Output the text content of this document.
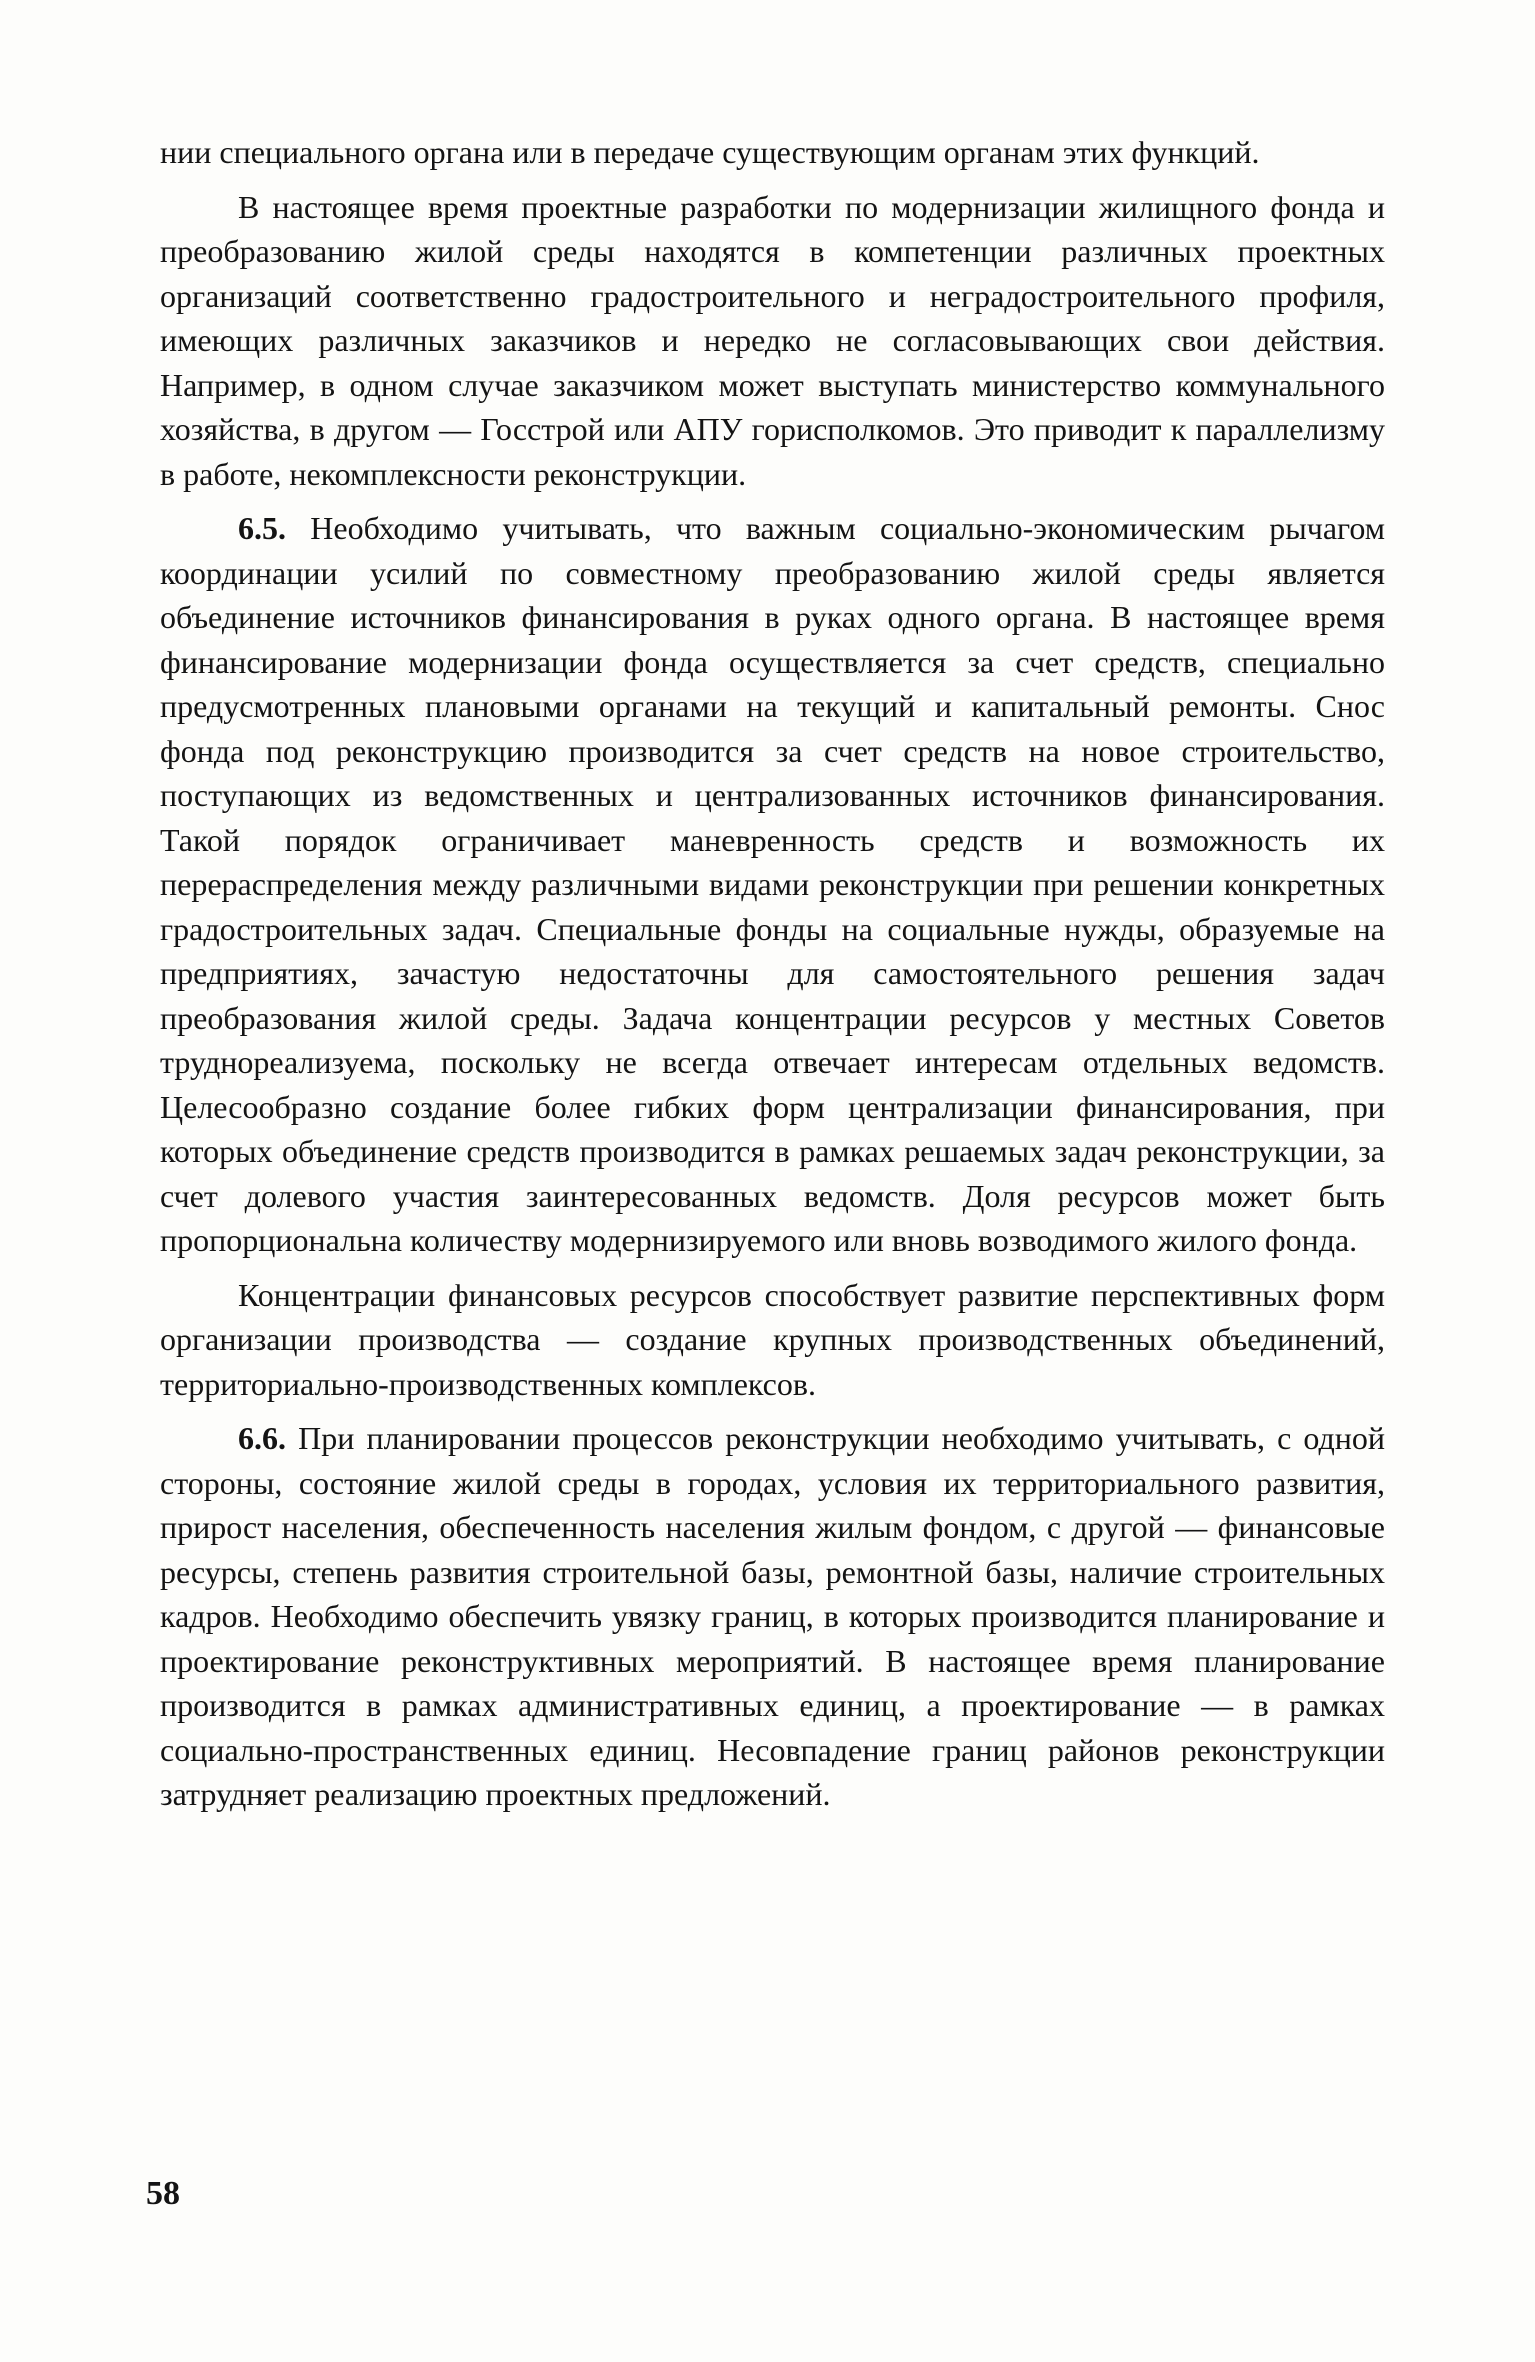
нии специального органа или в передаче существующим органам этих функций.

В настоящее время проектные разработки по модернизации жилищного фонда и преобразованию жилой среды находятся в компетенции различных проектных организаций соответственно градостроительного и неградостроительного профиля, имеющих различных заказчиков и нередко не согласовывающих свои действия. Например, в одном случае заказчиком может выступать министерство коммунального хозяйства, в другом — Госстрой или АПУ горисполкомов. Это приводит к параллелизму в работе, некомплексности реконструкции.

6.5. Необходимо учитывать, что важным социально-экономическим рычагом координации усилий по совместному преобразованию жилой среды является объединение источников финансирования в руках одного органа. В настоящее время финансирование модернизации фонда осуществляется за счет средств, специально предусмотренных плановыми органами на текущий и капитальный ремонты. Снос фонда под реконструкцию производится за счет средств на новое строительство, поступающих из ведомственных и централизованных источников финансирования. Такой порядок ограничивает маневренность средств и возможность их перераспределения между различными видами реконструкции при решении конкретных градостроительных задач. Специальные фонды на социальные нужды, образуемые на предприятиях, зачастую недостаточны для самостоятельного решения задач преобразования жилой среды. Задача концентрации ресурсов у местных Советов труднореализуема, поскольку не всегда отвечает интересам отдельных ведомств. Целесообразно создание более гибких форм централизации финансирования, при которых объединение средств производится в рамках решаемых задач реконструкции, за счет долевого участия заинтересованных ведомств. Доля ресурсов может быть пропорциональна количеству модернизируемого или вновь возводимого жилого фонда.

Концентрации финансовых ресурсов способствует развитие перспективных форм организации производства — создание крупных производственных объединений, территориально-производственных комплексов.

6.6. При планировании процессов реконструкции необходимо учитывать, с одной стороны, состояние жилой среды в городах, условия их территориального развития, прирост населения, обеспеченность населения жилым фондом, с другой — финансовые ресурсы, степень развития строительной базы, ремонтной базы, наличие строительных кадров. Необходимо обеспечить увязку границ, в которых производится планирование и проектирование реконструктивных мероприятий. В настоящее время планирование производится в рамках административных единиц, а проектирование — в рамках социально-пространственных единиц. Несовпадение границ районов реконструкции затрудняет реализацию проектных предложений.

58
